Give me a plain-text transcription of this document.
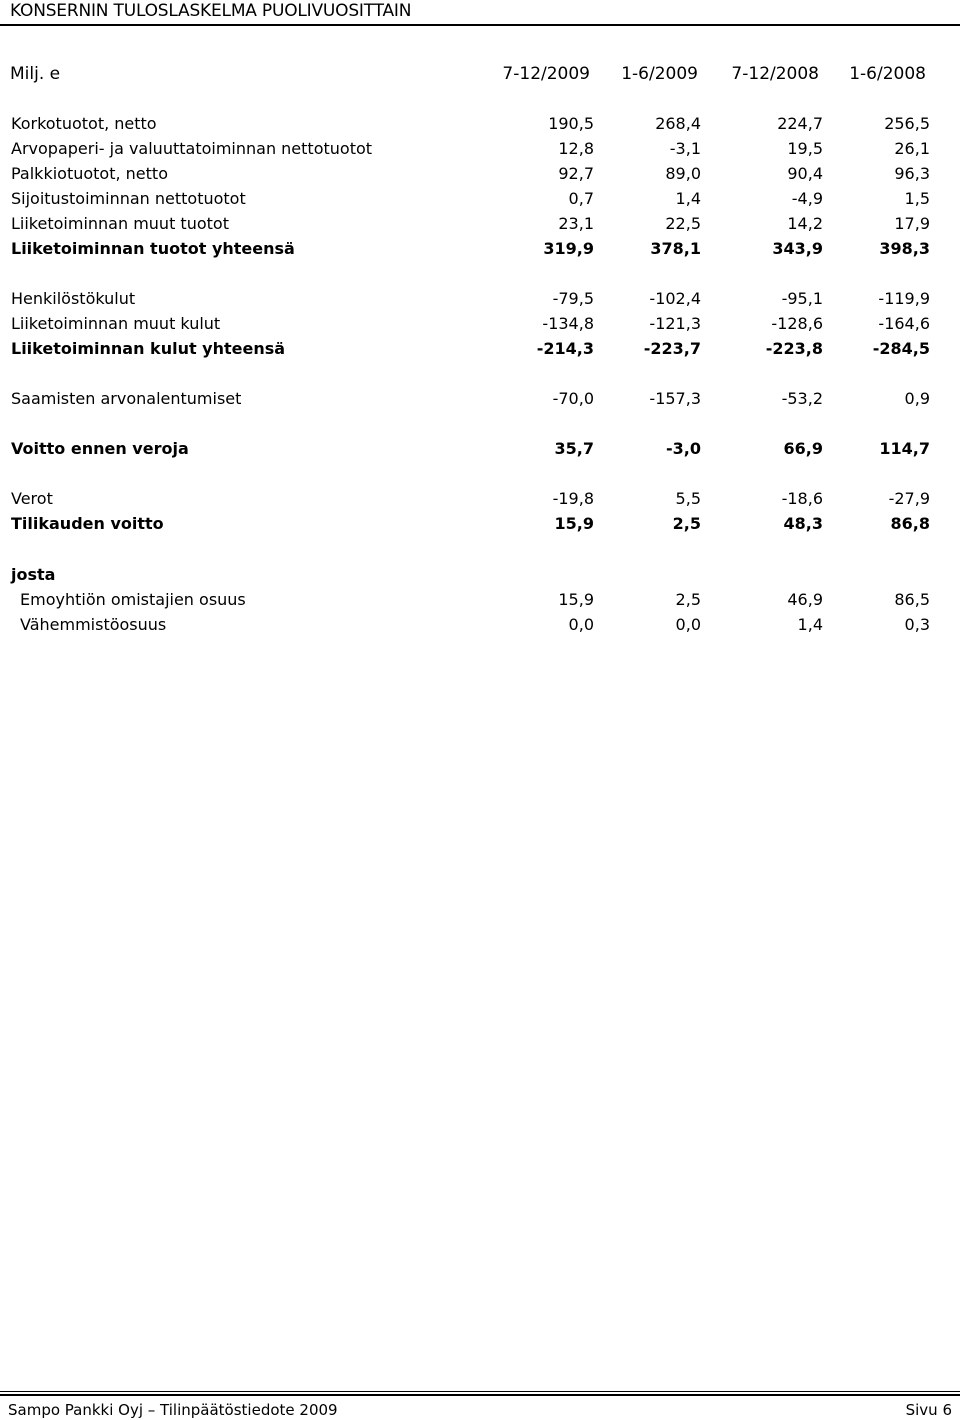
KONSERNIN TULOSLASKELMA PUOLIVUOSITTAIN
Milj. e	7-12/2009 1-6/2009 7-12/2008 1-6/2008
Korkotuotot, netto	190,5	268,4	224,7	256,5
Arvopaperi- ja valuuttatoiminnan nettotuotot	12,8	-3,1	19,5	26,1
Palkkiotuotot, netto	92,7	89,0	90,4	96,3
Sijoitustoiminnan nettotuotot	0,7	1,4	-4,9	1,5
Liiketoiminnan muut tuotot	23,1	22,5	14,2	17,9
Liiketoiminnan tuotot yhteensä	319,9	378,1	343,9	398,3
Henkilöstökulut	-79,5	-102,4	-95,1	-119,9
Liiketoiminnan muut kulut	-134,8	-121,3	-128,6	-164,6
Liiketoiminnan kulut yhteensä	-214,3	-223,7	-223,8	-284,5
Saamisten arvonalentumiset	-70,0	-157,3	-53,2	0,9
Voitto ennen veroja	35,7	-3,0	66,9	114,7
Verot	-19,8	5,5	-18,6	-27,9
Tilikauden voitto	15,9	2,5	48,3	86,8
josta
Emoyhtiön omistajien osuus	15,9	2,5	46,9	86,5
Vähemmistöosuus	0,0	0,0	1,4	0,3
Sampo Pankki Oyj – Tilinpäätöstiedote 2009	Sivu 6
